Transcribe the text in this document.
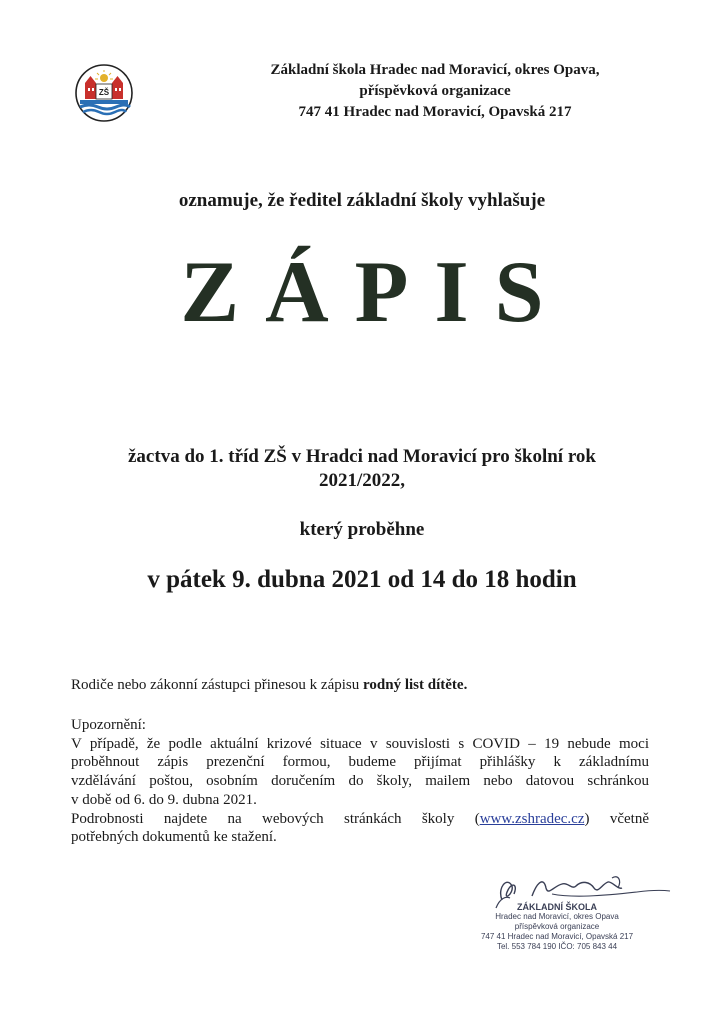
ZŠ
Základní škola Hradec nad Moravicí, okres Opava,
příspěvková organizace
747 41 Hradec nad Moravicí, Opavská 217
oznamuje, že ředitel základní školy vyhlašuje
ZÁPIS
žactva do 1. tříd ZŠ v Hradci nad Moravicí pro školní rok
2021/2022,
který proběhne
v pátek 9. dubna 2021 od 14 do 18 hodin
Rodiče nebo zákonní zástupci přinesou k zápisu rodný list dítěte.
Upozornění:
V případě, že podle aktuální krizové situace v souvislosti s COVID – 19 nebude moci
proběhnout zápis prezenční formou, budeme přijímat přihlášky k základnímu
vzdělávání poštou, osobním doručením do školy, mailem nebo datovou schránkou
v době od 6. do 9. dubna 2021.
Podrobnosti najdete na webových stránkách školy (www.zshradec.cz) včetně
potřebných dokumentů ke stažení.
ZÁKLADNÍ ŠKOLA
Hradec nad Moravicí, okres Opava
příspěvková organizace
747 41 Hradec nad Moravicí, Opavská 217
Tel. 553 784 190 IČO: 705 843 44
